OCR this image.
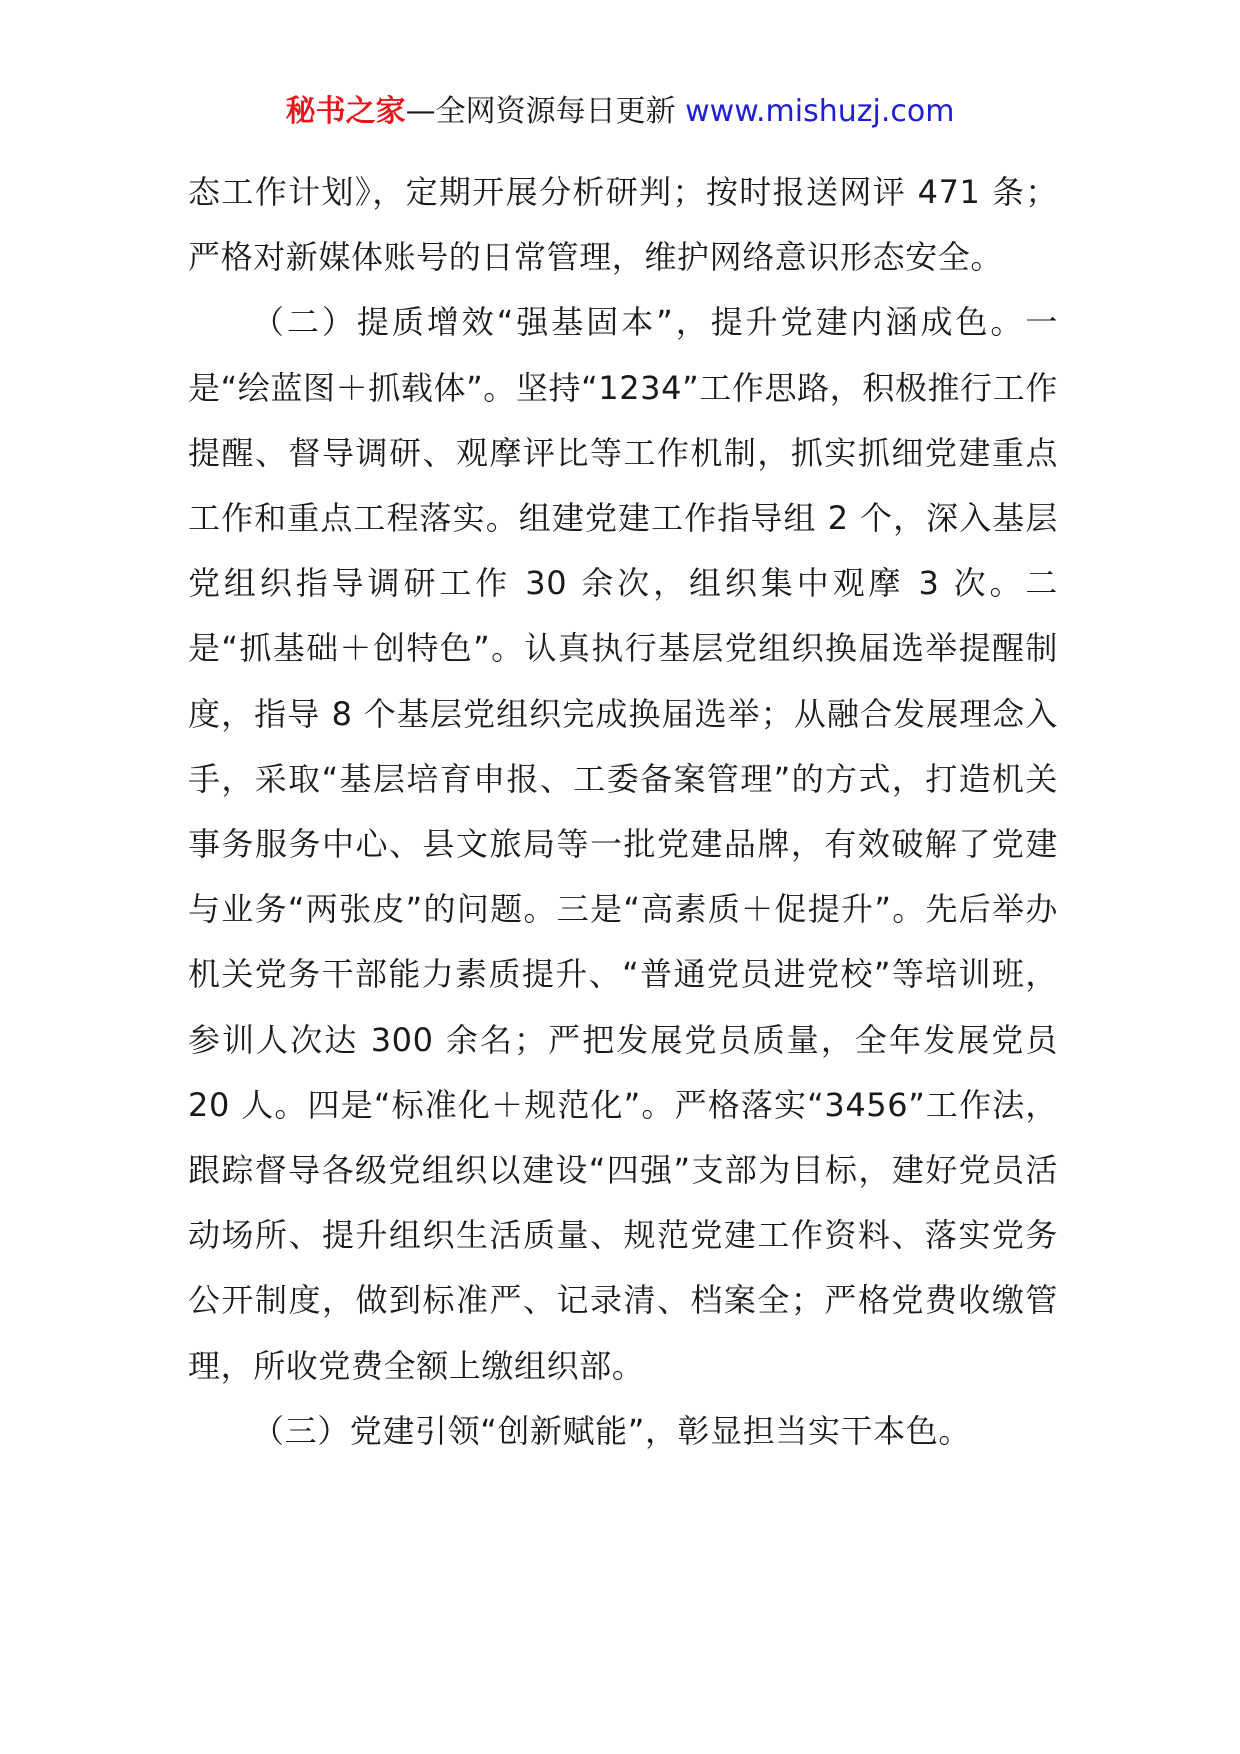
秘书之家—全网资源每日更新 www.mishuzj.com

态工作计划》，定期开展分析研判；按时报送网评 471 条；严格对新媒体账号的日常管理，维护网络意识形态安全。

（二）提质增效“强基固本”，提升党建内涵成色。一是“绘蓝图＋抓载体”。坚持“1234”工作思路，积极推行工作提醒、督导调研、观摩评比等工作机制，抓实抓细党建重点工作和重点工程落实。组建党建工作指导组 2 个，深入基层党组织指导调研工作 30 余次，组织集中观摩 3 次。二是“抓基础＋创特色”。认真执行基层党组织换届选举提醒制度，指导 8 个基层党组织完成换届选举；从融合发展理念入手，采取“基层培育申报、工委备案管理”的方式，打造机关事务服务中心、县文旅局等一批党建品牌，有效破解了党建与业务“两张皮”的问题。三是“高素质＋促提升”。先后举办机关党务干部能力素质提升、“普通党员进党校”等培训班，参训人次达 300 余名；严把发展党员质量，全年发展党员 20 人。四是“标准化＋规范化”。严格落实“3456”工作法，跟踪督导各级党组织以建设“四强”支部为目标，建好党员活动场所、提升组织生活质量、规范党建工作资料、落实党务公开制度，做到标准严、记录清、档案全；严格党费收缴管理，所收党费全额上缴组织部。

（三）党建引领“创新赋能”，彰显担当实干本色。
